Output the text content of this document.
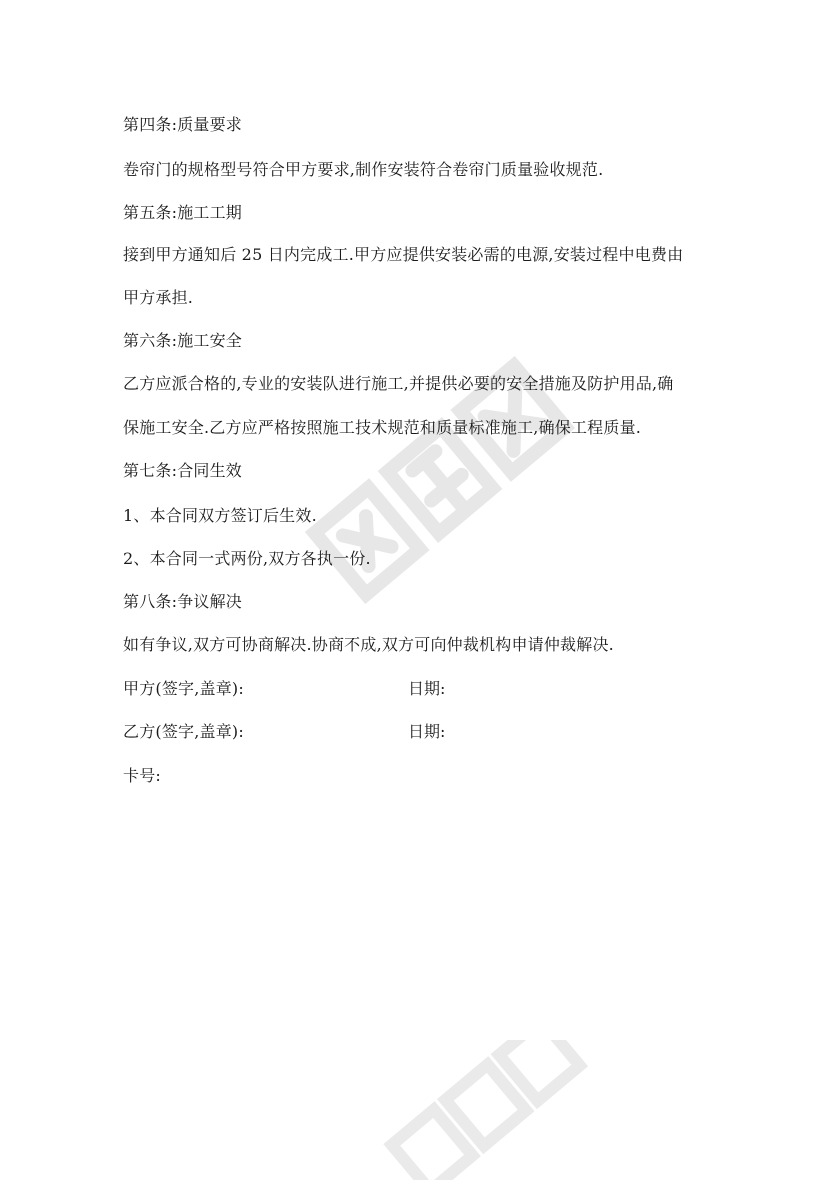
第四条:质量要求
卷帘门的规格型号符合甲方要求,制作安装符合卷帘门质量验收规范.
第五条:施工工期
接到甲方通知后 25 日内完成工.甲方应提供安装必需的电源,安装过程中电费由
甲方承担.
第六条:施工安全
乙方应派合格的,专业的安装队进行施工,并提供必要的安全措施及防护用品,确
保施工安全.乙方应严格按照施工技术规范和质量标准施工,确保工程质量.
第七条:合同生效
1、本合同双方签订后生效.
2、本合同一式两份,双方各执一份.
第八条:争议解决
如有争议,双方可协商解决.协商不成,双方可向仲裁机构申请仲裁解决.
甲方(签字,盖章):	日期:
乙方(签字,盖章):	日期:
卡号:
